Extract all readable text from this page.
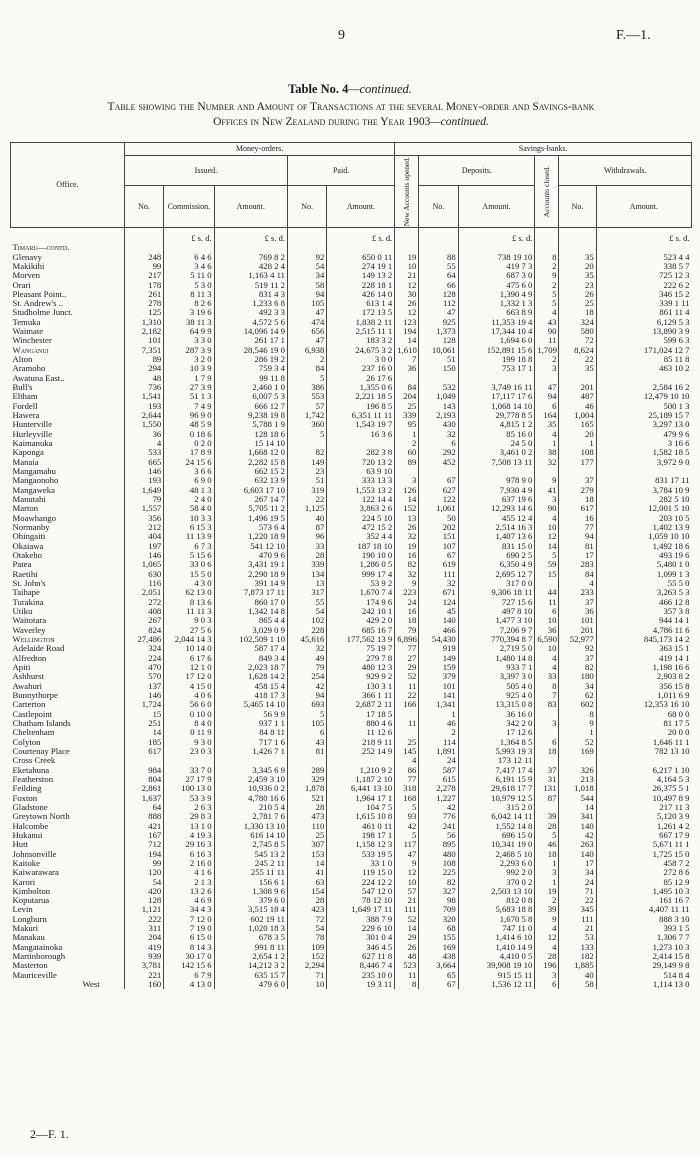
9	F.—1.
Table No. 4—continued.
Table showing the Number and Amount of Transactions at the several Money-order and Savings-bank
Offices in New Zealand during the Year 1903—continued.
Office.	Money-orders.					Savings-banks.					
	Issued.			Paid.		New Accounts opened.	Deposits.		Accounts closed.	Withdrawals.	
	No.	Commission.	Amount.	No.	Amount.		No.	Amount.		No.	Amount.

		£ s. d.	£ s. d.		£ s. d.			£ s. d.			£ s. d.
Timaru—contd.											
Glenavy	248	6 4 6	769 8 2	92	650 0 11	19	88	738 19 10	8	35	523 4 4
Makikihi	99	3 4 6	428 2 4	54	274 19 1	10	55	419 7 3	2	20	338 5 7
Morven	217	5 11 0	1,163 4 11	34	149 13 2	21	64	687 3 0	9	35	725 12 3
Orari	178	5 3 0	519 11 2	58	228 18 1	12	66	475 6 0	2	23	222 6 2
Pleasant Point..	261	8 11 3	831 4 3	94	426 14 0	30	128	1,390 4 9	5	26	346 15 2
St. Andrew's ..	278	8 2 6	1,233 6 8	105	613 1 4	26	112	1,332 1 3	5	25	339 1 11
Studholme Junct.	125	3 19 6	492 3 3	47	172 13 5	12	47	663 8 9	4	18	861 11 4
Temuka	1,310	38 11 3	4,572 5 6	474	1,838 2 11	123	925	11,353 19 4	43	324	6,129 5 3
Waimate	2,182	64 9 9	14,096 14 9	656	2,515 11 1	194	1,373	17,344 10 4	90	580	13,890 3 9
Winchester	101	3 3 0	261 17 1	47	183 3 2	14	128	1,694 6 0	11	72	599 6 3
Wanganui	7,351	287 3 9	28,546 19 0	6,938	24,675 3 2	1,610	10,061	152,891 15 6	1,709	8,624	171,024 12 7
Alton	89	3 2 0	286 19 2	2	3 0 0	7	51	199 18 8	2	22	85 11 8
Aramoho	294	10 3 9	759 3 4	84	237 16 0	36	150	753 17 1	3	35	463 10 2
Awatuna East..	48	1 7 9	99 11 8	5	26 17 6						
Bull's	736	27 3 9	2,460 1 0	386	1,355 0 6	84	532	3,749 16 11	47	201	2,584 16 2
Eltham	1,541	51 1 3	6,007 5 3	553	2,221 18 5	204	1,049	17,117 17 6	94	487	12,479 10 10
Fordell	193	7 4 9	666 12 7	57	196 8 5	25	143	1,068 14 10	6	46	500 1 3
Hawera	2,644	96 9 0	9,238 19 8	1,742	6,351 11 11	339	2,193	29,778 8 5	164	1,004	25,189 15 7
Hunterville	1,550	48 5 9	5,788 1 9	360	1,543 19 7	95	430	4,815 1 2	35	165	3,297 13 0
Hurleyville	36	0 18 6	128 18 6	5	16 3 6	1	32	85 16 0	4	20	479 9 6
Kaimanuka	4	0 2 0	15 14 10			2	6	24 5 0	1	1	3 16 6
Kaponga	533	17 8 9	1,668 12 0	82	282 3 8	60	292	3,461 0 2	38	108	1,582 18 5
Manaia	665	24 15 6	2,282 15 8	149	720 13 2	89	452	7,508 13 11	32	177	3,972 9 0
Mangamahu	146	3 6 6	662 15 2	23	63 9 10						
Mangaonoho	193	6 9 0	632 13 9	51	333 13 3	3	67	978 9 0	9	37	831 17 11
Mangaweka	1,649	48 1 3	6,603 17 10	319	1,553 13 2	126	627	7,930 4 9	41	279	3,784 10 9
Manutahi	79	2 4 0	267 14 7	22	122 14 4	14	122	637 19 6	3	18	282 5 10
Marton	1,557	58 4 0	5,705 11 2	1,125	3,863 2 6	152	1,061	12,293 14 6	90	617	12,001 5 10
Moawhango	356	10 3 3	1,496 19 5	40	224 5 10	13	50	455 12 4	4	16	203 10 5
Normanby	212	6 15 3	573 6 4	87	472 15 2	26	202	2,514 16 3	10	77	1,402 13 9
Ohingaiti	404	11 13 9	1,220 18 9	96	352 4 4	32	151	1,407 13 6	12	94	1,059 10 10
Okaiawa	197	6 7 3	541 12 10	33	187 18 10	19	107	831 15 0	14	81	1,492 18 6
Otakeho	146	5 15 6	470 9 6	28	190 10 0	16	67	690 2 5	5	17	493 19 6
Patea	1,065	33 0 6	3,431 19 1	339	1,286 0 5	82	619	6,350 4 9	59	283	5,480 1 0
Raetihi	630	15 5 0	2,290 18 9	134	999 17 4	32	111	2,695 12 7	15	84	1,099 1 3
St. John's	116	4 3 0	391 14 9	13	53 9 2	9	32	317 0 0		4	55 5 0
Taihape	2,051	62 13 0	7,873 17 11	317	1,670 7 4	223	671	9,306 18 11	44	233	3,263 5 3
Turakina	272	8 13 6	860 17 0	55	174 9 6	24	124	727 15 6	11	37	466 12 8
Utiku	408	11 11 3	1,342 14 8	54	242 10 1	16	45	497 8 10	6	36	357 3 8
Waitotara	267	9 0 3	865 4 4	102	429 2 0	18	140	1,477 3 10	10	101	944 14 1
Waverley	824	27 5 6	3,029 0 9	228	685 16 7	79	466	7,206 9 7	36	201	4,786 11 6
Wellington	27,486	2,044 14 3	102,509 1 10	45,616	177,562 13 9	6,896	54,430	770,394 8 7	6,590	52,977	845,173 14 2
Adelaide Road	324	10 14 0	587 17 4	32	75 19 7	77	919	2,719 5 0	10	92	363 15 1
Alfredton	224	6 17 6	849 3 4	49	279 7 8	27	149	1,480 14 8	4	37	419 14 1
Apiti	470	12 1 0	2,023 18 7	79	480 12 3	29	159	933 7 1	4	82	1,198 16 6
Ashhurst	570	17 12 0	1,628 14 2	254	929 9 2	52	379	3,397 3 0	33	180	2,903 8 2
Awahuri	137	4 15 0	458 15 4	42	130 3 1	11	101	505 4 0	8	34	356 15 8
Bunnythorpe	146	4 0 6	418 17 3	94	366 1 11	22	141	925 4 0	7	62	1,011 6 9
Carterton	1,724	56 6 0	5,465 14 10	693	2,687 2 11	166	1,341	13,315 0 8	83	602	12,353 16 10
Castlepoint	15	0 10 0	56 9 9	5	17 18 5		1	36 16 0		8	68 0 0
Chatham Islands	251	8 4 0	937 1 1	105	880 4 6	11	46	342 2 0	3	9	81 17 5
Cheltenham	14	0 11 9	84 8 11	6	11 12 6		2	17 12 6		1	20 0 0
Colyton	185	9 3 0	717 1 6	43	218 9 11	25	114	1,364 8 5	6	52	1,646 11 1
Courtenay Place	617	23 0 3	1,426 7 1	81	252 14 9	145	1,891	5,993 19 3	18	169	782 13 10
Cross Creek						4	24	173 12 11			
Eketahuna	984	33 7 0	3,345 6 9	289	1,210 9 2	86	587	7,417 17 4	37	326	6,217 1 10
Featherston	804	27 17 9	2,459 3 10	329	1,187 2 10	77	615	6,191 15 9	31	213	4,164 5 3
Feilding	2,861	100 13 0	10,936 0 2	1,878	6,441 13 10	318	2,278	29,618 17 7	131	1,018	26,375 5 1
Foxton	1,637	53 3 9	4,780 16 6	521	1,964 17 1	168	1,227	10,979 12 5	87	544	10,497 8 9
Gladstone	64	2 6 3	210 5 4	28	104 7 5	5	42	315 2 0		14	217 11 3
Greytown North	888	29 8 3	2,781 7 6	473	1,615 10 8	93	776	6,042 14 11	39	341	5,120 3 9
Halcombe	421	13 1 0	1,330 13 10	110	461 0 11	42	241	1,552 14 8	28	140	1,261 4 2
Hukanui	167	4 19 3	616 14 10	25	198 17 1	5	56	696 15 0	5	42	667 17 9
Hutt	712	29 16 3	2,745 8 5	307	1,158 12 3	117	895	10,341 19 0	46	263	5,671 11 1
Johnsonville	194	6 16 3	545 13 2	153	533 19 5	47	480	2,468 5 10	18	140	1,725 15 0
Kaitoke	99	2 16 0	245 2 11	14	33 1 0	9	108	2,293 6 0	1	17	458 7 2
Kaiwarawara	120	4 1 6	255 11 11	41	119 15 0	12	225	992 2 0	3	34	272 8 6
Karori	54	2 1 3	156 6 1	63	224 12 2	10	82	370 0 2	1	24	85 12 9
Kimbolton	420	13 2 6	1,308 9 6	154	547 12 0	57	327	2,503 13 10	19	71	1,495 10 3
Koputarua	128	4 6 9	379 6 0	28	78 12 10	21	98	812 0 8	2	22	161 16 7
Levin	1,121	34 4 3	3,515 18 4	423	1,649 17 11	111	709	5,683 18 8	39	345	4,407 11 11
Longburn	222	7 12 0	602 19 11	72	388 7 9	52	320	1,670 5 8	9	111	888 3 10
Makuri	311	7 19 0	1,020 18 3	54	229 6 10	14	68	747 11 0	4	21	393 1 5
Manakau	204	6 15 0	678 3 5	78	301 0 4	29	155	1,414 6 10	12	53	1,306 7 7
Mangatainoka	419	8 14 3	991 8 11	109	346 4 5	26	169	1,410 14 9	4	133	1,273 10 3
Martinborough	939	30 17 0	2,654 1 2	152	627 11 8	48	438	4,410 0 5	28	182	2,414 15 8
Masterton	3,781	142 15 6	14,212 3 2	2,294	8,446 7 4	523	3,664	39,908 19 10	196	1,885	29,149 9 8
Mauriceville	221	6 7 9	635 15 7	71	235 10 0	11	65	915 15 11	3	40	514 8 4
West	160	4 13 0	479 6 0	10	19 3 11	8	67	1,536 12 11	6	58	1,114 13 0
2—F. 1.
